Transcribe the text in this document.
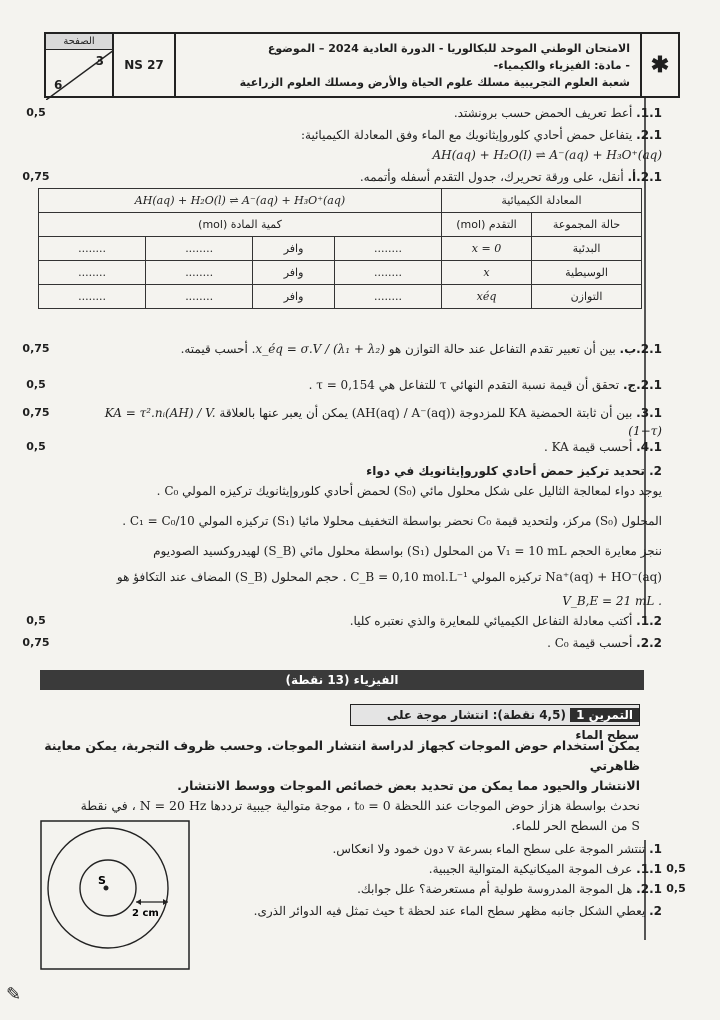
الصفحة
3
6
NS 27
الامتحان الوطني الموحد للبكالوريا - الدورة العادية 2024 – الموضوع
- مادة: الفيزياء والكيمياء-
شعبة العلوم التجريبية مسلك علوم الحياة والأرض ومسلك العلوم الزراعية
✱
1.1. أعط تعريف الحمض حسب برونشتد.
0,5
2.1. يتفاعل حمض أحادي كلوروإيثانويك مع الماء وفق المعادلة الكيميائية:
AH(aq) + H₂O(l) ⇌ A⁻(aq) + H₃O⁺(aq)
2.1.أ. أنقل، على ورقة تحريرك، جدول التقدم أسفله وأتممه.
0,75
المعادلة الكيميائية		AH(aq) + H₂O(l) ⇌ A⁻(aq) + H₃O⁺(aq)			
حالة المجموعة	التقدم (mol)	كمية المادة (mol)			
البدئية	x = 0	........	وافر	........	........
الوسيطية	x	........	وافر	........	........
التوازن	xéq	........	وافر	........	........
2.1.ب. بين أن تعبير تقدم التفاعل عند حالة التوازن هو x_éq = σ.V / (λ₁ + λ₂). أحسب قيمته.
0,75
2.1.ج. تحقق أن قيمة نسبة التقدم النهائي τ للتفاعل هي τ = 0,154 .
0,5
3.1. بين أن ثابتة الحمضية KA للمزدوجة (AH(aq) / A⁻(aq)) يمكن أن يعبر عنها بالعلاقة KA = τ².nᵢ(AH) / V.(1−τ)
0,75
4.1. أحسب قيمة KA .
0,5
2. تحديد تركيز حمض أحادي كلوروإيثانويك في دواء
يوجد دواء لمعالجة الثاليل على شكل محلول مائي (S₀) لحمض أحادي كلوروإيثانويك تركيزه المولي C₀ .
المحلول (S₀) مركز، ولتحديد قيمة C₀ نحضر بواسطة التخفيف محلولا مائيا (S₁) تركيزه المولي C₁ = C₀/10 .
ننجز معايرة الحجم V₁ = 10 mL من المحلول (S₁) بواسطة محلول مائي (S_B) لهيدروكسيد الصوديوم
Na⁺(aq) + HO⁻(aq) تركيزه المولي C_B = 0,10 mol.L⁻¹ . حجم المحلول (S_B) المضاف عند التكافؤ هو
V_B,E = 21 mL .
1.2. أكتب معادلة التفاعل الكيميائي للمعايرة والذي نعتبره كليا.
0,5
2.2. أحسب قيمة C₀ .
0,75
الفيزياء (13 نقطة)
التمرين 1 (4,5 نقطة): انتشار موجة على سطح الماء
يمكن استخدام حوض الموجات كجهاز لدراسة انتشار الموجات. وحسب ظروف التجربة، يمكن معاينة ظاهرتي
الانتشار والحيود مما يمكن من تحديد بعض خصائص الموجات ووسط الانتشار.
نحدث بواسطة هزاز حوض الموجات عند اللحظة t₀ = 0 ، موجة متوالية جيبية ترددها N = 20 Hz ، في نقطة
S من السطح الحر للماء.
1. تنتشر الموجة على سطح الماء بسرعة v دون خمود ولا انعكاس.
1.1. عرف الموجة الميكانيكية المتوالية الجيبية.	0,5
2.1. هل الموجة المدروسة طولية أم مستعرضة؟ علل جوابك.	0,5
2. يعطي الشكل جانبه مظهر سطح الماء عند لحظة t حيث تمثل فيه الدوائر الذرى.
S
2 cm
✎
